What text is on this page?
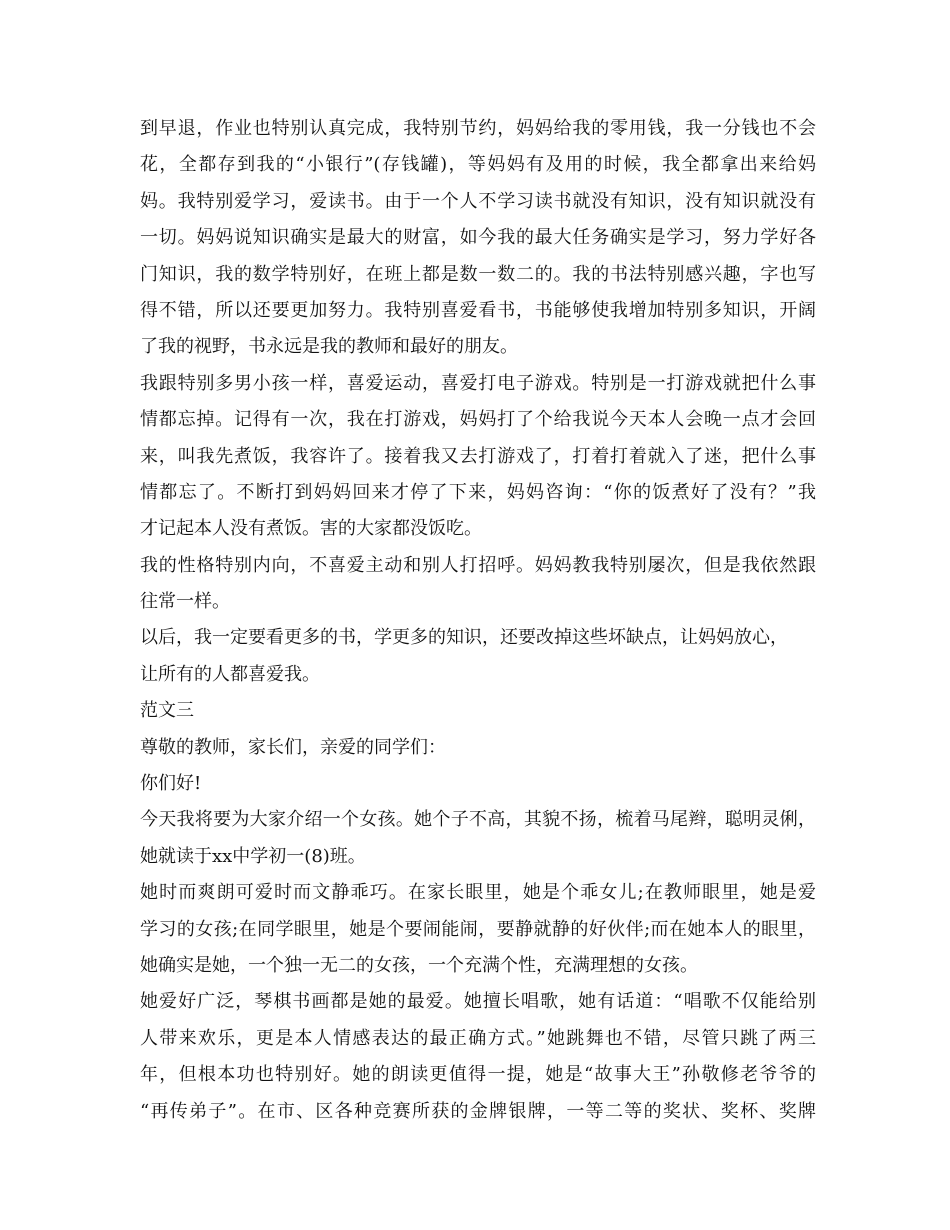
到早退，作业也特别认真完成，我特别节约，妈妈给我的零用钱，我一分钱也不会
花，全都存到我的“小银行”(存钱罐)，等妈妈有及用的时候，我全都拿出来给妈
妈。我特别爱学习，爱读书。由于一个人不学习读书就没有知识，没有知识就没有
一切。妈妈说知识确实是最大的财富，如今我的最大任务确实是学习，努力学好各
门知识，我的数学特别好，在班上都是数一数二的。我的书法特别感兴趣，字也写
得不错，所以还要更加努力。我特别喜爱看书，书能够使我增加特别多知识，开阔
了我的视野，书永远是我的教师和最好的朋友。
我跟特别多男小孩一样，喜爱运动，喜爱打电子游戏。特别是一打游戏就把什么事
情都忘掉。记得有一次，我在打游戏，妈妈打了个给我说今天本人会晚一点才会回
来，叫我先煮饭，我容许了。接着我又去打游戏了，打着打着就入了迷，把什么事
情都忘了。不断打到妈妈回来才停了下来，妈妈咨询：“你的饭煮好了没有？”我
才记起本人没有煮饭。害的大家都没饭吃。
我的性格特别内向，不喜爱主动和别人打招呼。妈妈教我特别屡次，但是我依然跟
往常一样。
以后，我一定要看更多的书，学更多的知识，还要改掉这些坏缺点，让妈妈放心，
让所有的人都喜爱我。
范文三
尊敬的教师，家长们，亲爱的同学们：
你们好!
今天我将要为大家介绍一个女孩。她个子不高，其貌不扬，梳着马尾辫，聪明灵俐，
她就读于xx中学初一(8)班。
她时而爽朗可爱时而文静乖巧。在家长眼里，她是个乖女儿;在教师眼里，她是爱
学习的女孩;在同学眼里，她是个要闹能闹，要静就静的好伙伴;而在她本人的眼里，
她确实是她，一个独一无二的女孩，一个充满个性，充满理想的女孩。
她爱好广泛，琴棋书画都是她的最爱。她擅长唱歌，她有话道：“唱歌不仅能给别
人带来欢乐，更是本人情感表达的最正确方式。”她跳舞也不错，尽管只跳了两三
年，但根本功也特别好。她的朗读更值得一提，她是“故事大王”孙敬修老爷爷的
“再传弟子”。在市、区各种竞赛所获的金牌银牌，一等二等的奖状、奖杯、奖牌
